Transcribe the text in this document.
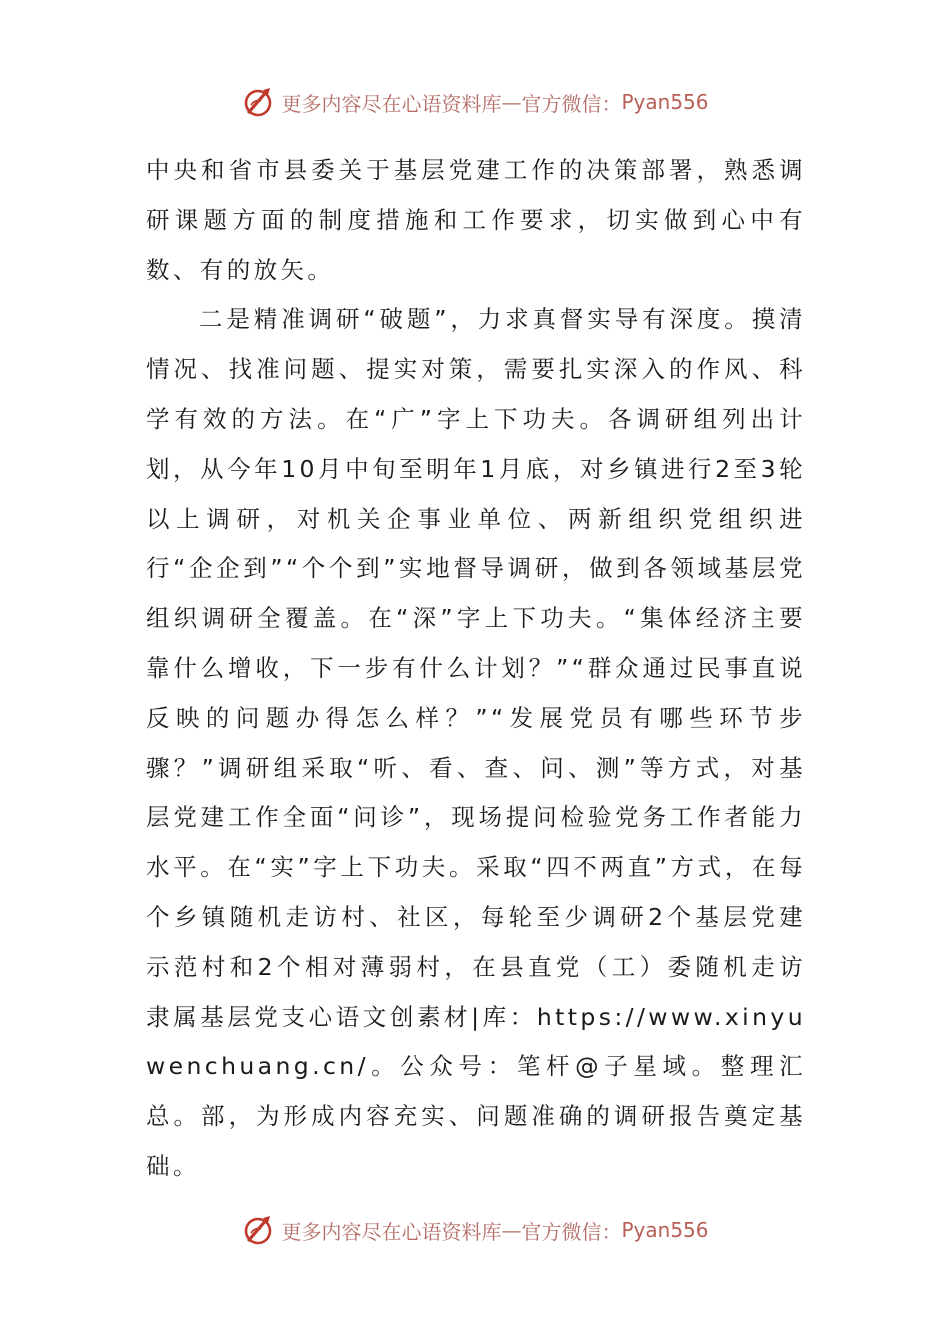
更多内容尽在心语资料库 — 官方微信： Pyan556

中央和省市县委关于基层党建工作的决策部署，熟悉调研课题方面的制度措施和工作要求，切实做到心中有数、有的放矢。

二是精准调研“破题”，力求真督实导有深度。摸清情况、找准问题、提实对策，需要扎实深入的作风、科学有效的方法。在“广”字上下功夫。各调研组列出计划，从今年10月中旬至明年1月底，对乡镇进行2至3轮以上调研，对机关企事业单位、两新组织党组织进行“企企到”“个个到”实地督导调研，做到各领域基层党组织调研全覆盖。在“深”字上下功夫。“集体经济主要靠什么增收，下一步有什么计划？”“群众通过民事直说反映的问题办得怎么样？”“发展党员有哪些环节步骤？”调研组采取“听、看、查、问、测”等方式，对基层党建工作全面“问诊”，现场提问检验党务工作者能力水平。在“实”字上下功夫。采取“四不两直”方式，在每个乡镇随机走访村、社区，每轮至少调研2个基层党建示范村和2个相对薄弱村，在县直党（工）委随机走访隶属基层党支心语文创素材|库：https://www.xinyuwenchuang.cn/。公众号：笔杆@子星域。整理汇总。部，为形成内容充实、问题准确的调研报告奠定基础。

更多内容尽在心语资料库 — 官方微信： Pyan556
